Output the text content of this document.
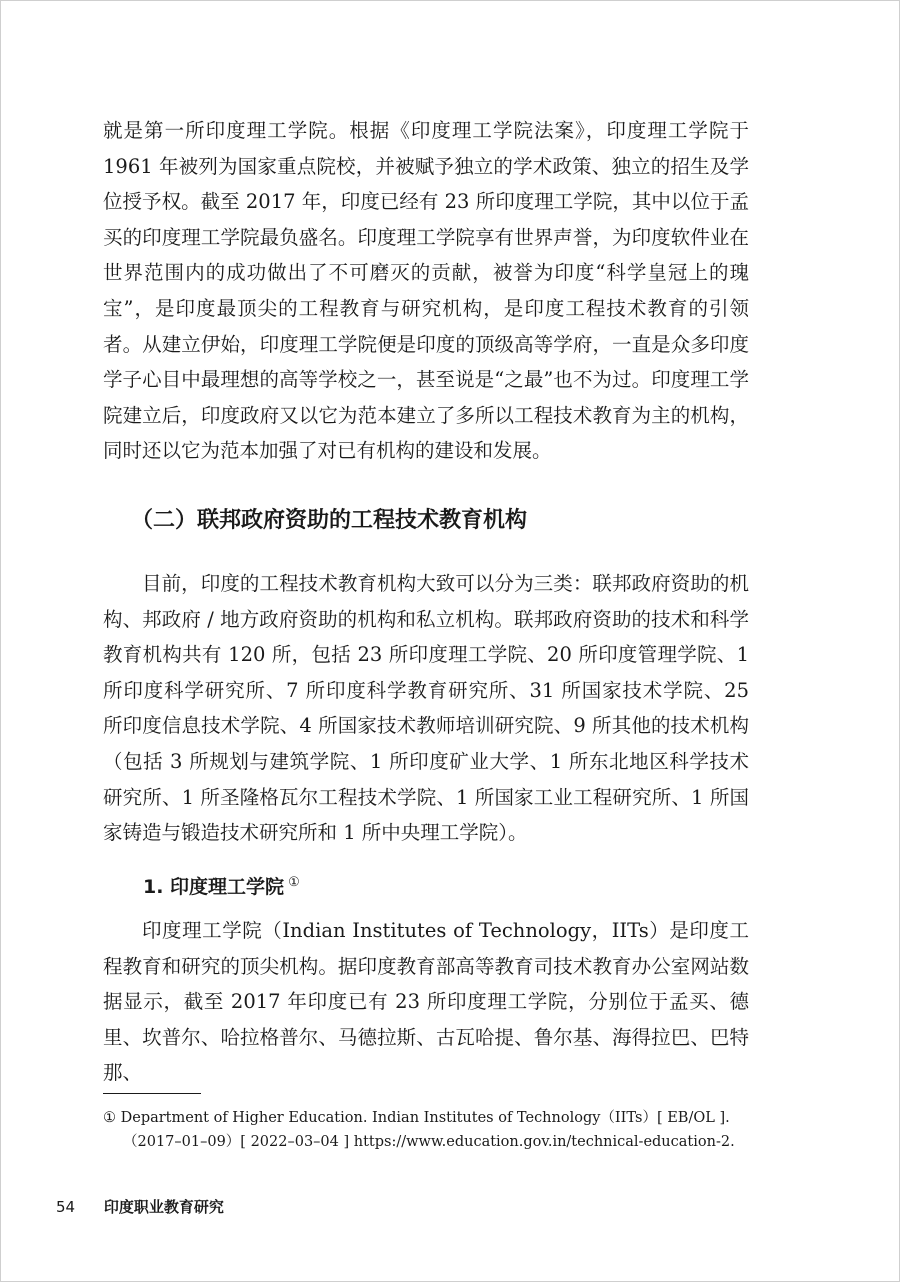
就是第一所印度理工学院。根据《印度理工学院法案》，印度理工学院于1961 年被列为国家重点院校，并被赋予独立的学术政策、独立的招生及学位授予权。截至 2017 年，印度已经有 23 所印度理工学院，其中以位于孟买的印度理工学院最负盛名。印度理工学院享有世界声誉，为印度软件业在世界范围内的成功做出了不可磨灭的贡献，被誉为印度“科学皇冠上的瑰宝”，是印度最顶尖的工程教育与研究机构，是印度工程技术教育的引领者。从建立伊始，印度理工学院便是印度的顶级高等学府，一直是众多印度学子心目中最理想的高等学校之一，甚至说是“之最”也不为过。印度理工学院建立后，印度政府又以它为范本建立了多所以工程技术教育为主的机构，同时还以它为范本加强了对已有机构的建设和发展。

（二）联邦政府资助的工程技术教育机构

目前，印度的工程技术教育机构大致可以分为三类：联邦政府资助的机构、邦政府 / 地方政府资助的机构和私立机构。联邦政府资助的技术和科学教育机构共有 120 所，包括 23 所印度理工学院、20 所印度管理学院、1 所印度科学研究所、7 所印度科学教育研究所、31 所国家技术学院、25 所印度信息技术学院、4 所国家技术教师培训研究院、9 所其他的技术机构（包括 3 所规划与建筑学院、1 所印度矿业大学、1 所东北地区科学技术研究所、1 所圣隆格瓦尔工程技术学院、1 所国家工业工程研究所、1 所国家铸造与锻造技术研究所和 1 所中央理工学院）。

1. 印度理工学院 ①

印度理工学院（Indian Institutes of Technology，IITs）是印度工程教育和研究的顶尖机构。据印度教育部高等教育司技术教育办公室网站数据显示，截至 2017 年印度已有 23 所印度理工学院，分别位于孟买、德里、坎普尔、哈拉格普尔、马德拉斯、古瓦哈提、鲁尔基、海得拉巴、巴特那、

① Department of Higher Education. Indian Institutes of Technology（IITs）[ EB/OL ].
（2017–01–09）[ 2022–03–04 ] https://www.education.gov.in/technical-education-2.
54 印度职业教育研究
